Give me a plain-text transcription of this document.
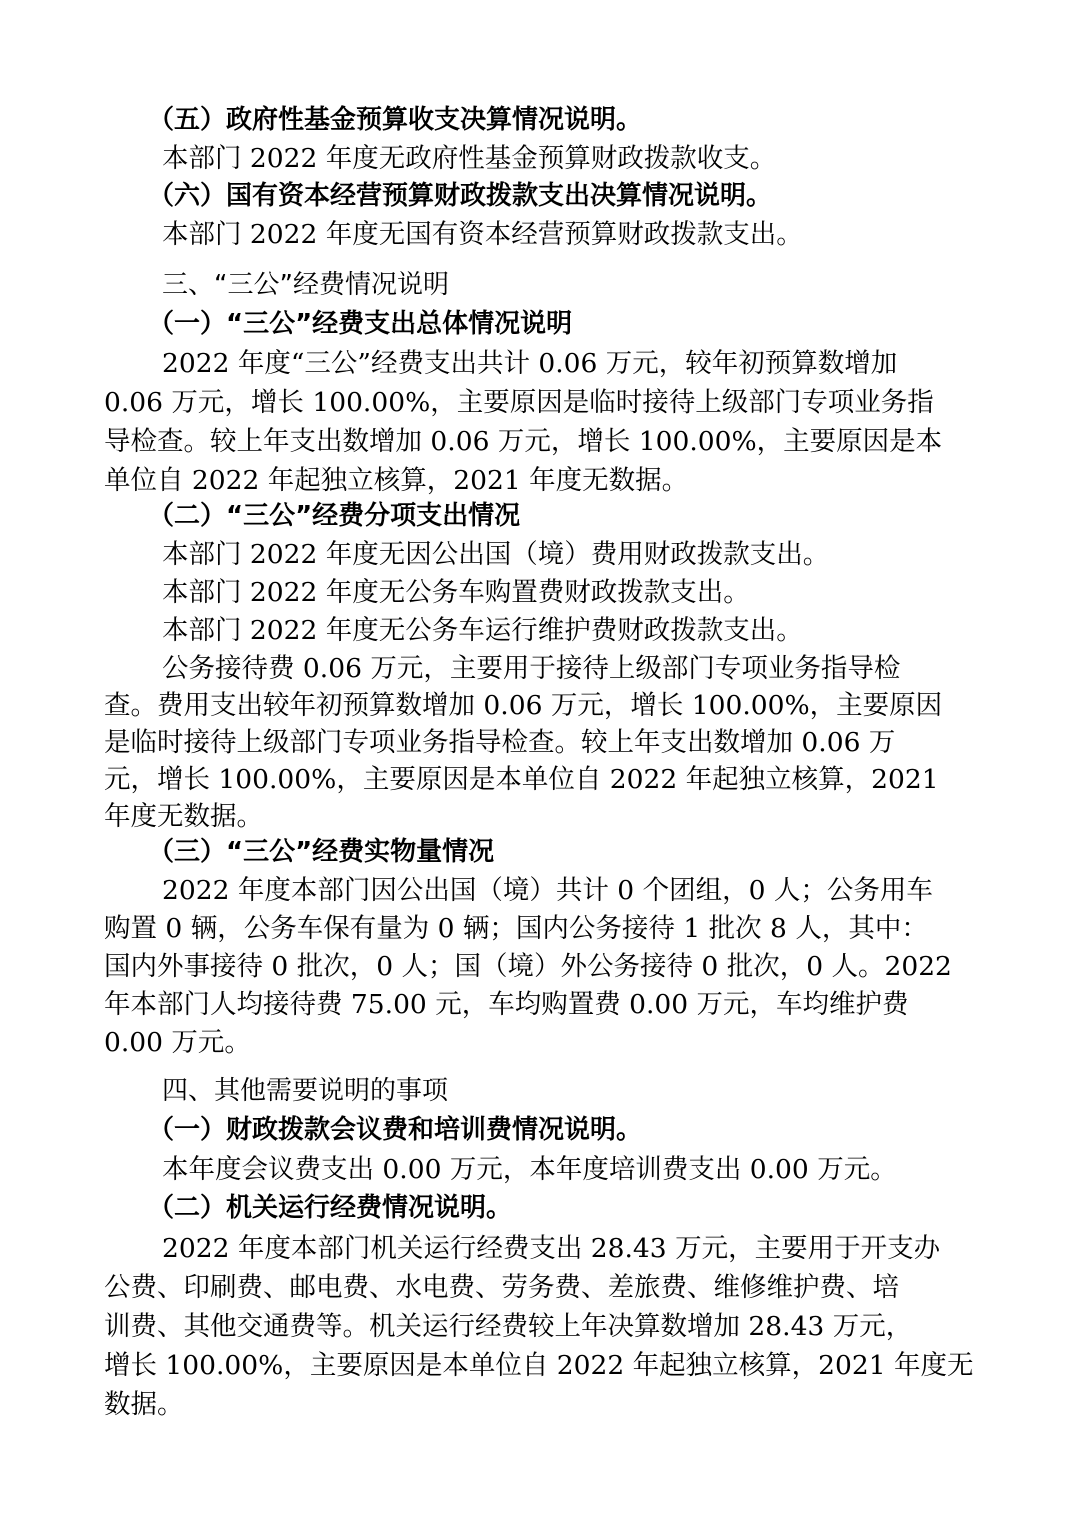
（五）政府性基金预算收支决算情况说明。
本部门 2022 年度无政府性基金预算财政拨款收支。
（六）国有资本经营预算财政拨款支出决算情况说明。
本部门 2022 年度无国有资本经营预算财政拨款支出。
三、“三公”经费情况说明
（一）“三公”经费支出总体情况说明
2022 年度“三公”经费支出共计 0.06 万元，较年初预算数增加
0.06 万元，增长 100.00%，主要原因是临时接待上级部门专项业务指
导检查。较上年支出数增加 0.06 万元，增长 100.00%，主要原因是本
单位自 2022 年起独立核算，2021 年度无数据。
（二）“三公”经费分项支出情况
本部门 2022 年度无因公出国（境）费用财政拨款支出。
本部门 2022 年度无公务车购置费财政拨款支出。
本部门 2022 年度无公务车运行维护费财政拨款支出。
公务接待费 0.06 万元，主要用于接待上级部门专项业务指导检
查。费用支出较年初预算数增加 0.06 万元，增长 100.00%，主要原因
是临时接待上级部门专项业务指导检查。较上年支出数增加 0.06 万
元，增长 100.00%，主要原因是本单位自 2022 年起独立核算，2021
年度无数据。
（三）“三公”经费实物量情况
2022 年度本部门因公出国（境）共计 0 个团组，0 人；公务用车
购置 0 辆，公务车保有量为 0 辆；国内公务接待 1 批次 8 人，其中：
国内外事接待 0 批次，0 人；国（境）外公务接待 0 批次，0 人。2022
年本部门人均接待费 75.00 元，车均购置费 0.00 万元，车均维护费
0.00 万元。
四、其他需要说明的事项
（一）财政拨款会议费和培训费情况说明。
本年度会议费支出 0.00 万元，本年度培训费支出 0.00 万元。
（二）机关运行经费情况说明。
2022 年度本部门机关运行经费支出 28.43 万元，主要用于开支办
公费、印刷费、邮电费、水电费、劳务费、差旅费、维修维护费、培
训费、其他交通费等。机关运行经费较上年决算数增加 28.43 万元，
增长 100.00%，主要原因是本单位自 2022 年起独立核算，2021 年度无
数据。
